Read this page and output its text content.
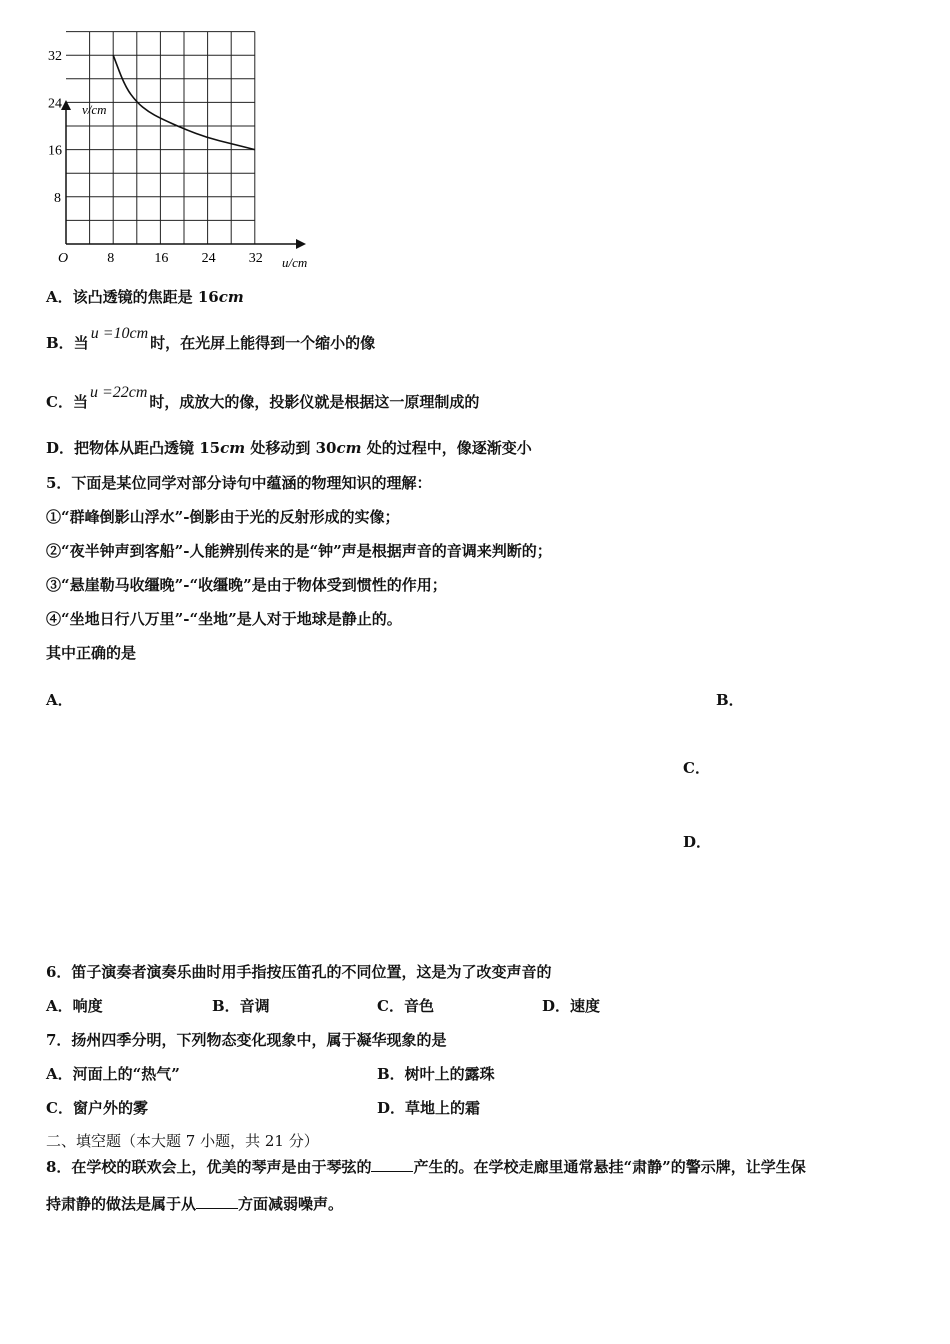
v/cm
u/cm
O	8	16 24 32
32
24
16
8
A．该凸透镜的焦距是 16cm
B．当u =10cm时，在光屏上能得到一个缩小的像
C．当u =22cm时，成放大的像，投影仪就是根据这一原理制成的
D．把物体从距凸透镜 15cm 处移动到 30cm 处的过程中，像逐渐变小
5．下面是某位同学对部分诗句中蕴涵的物理知识的理解：
①“群峰倒影山浮水”-倒影由于光的反射形成的实像；
②“夜半钟声到客船”-人能辨别传来的是“钟”声是根据声音的音调来判断的；
③“悬崖勒马收缰晚”-“收缰晚”是由于物体受到惯性的作用；
④“坐地日行八万里”-“坐地”是人对于地球是静止的。
其中正确的是
A．	B．
C．
D．
6．笛子演奏者演奏乐曲时用手指按压笛孔的不同位置，这是为了改变声音的
A．响度	B．音调	C．音色	D．速度
7．扬州四季分明，下列物态变化现象中，属于凝华现象的是
A．河面上的“热气”	B．树叶上的露珠
C．窗户外的雾	D．草地上的霜
二、填空题（本大题 7 小题，共 21 分）
8．在学校的联欢会上，优美的琴声是由于琴弦的	产生的。在学校走廊里通常悬挂“肃静”的警示牌，让学生保
持肃静的做法是属于从	方面减弱噪声。
